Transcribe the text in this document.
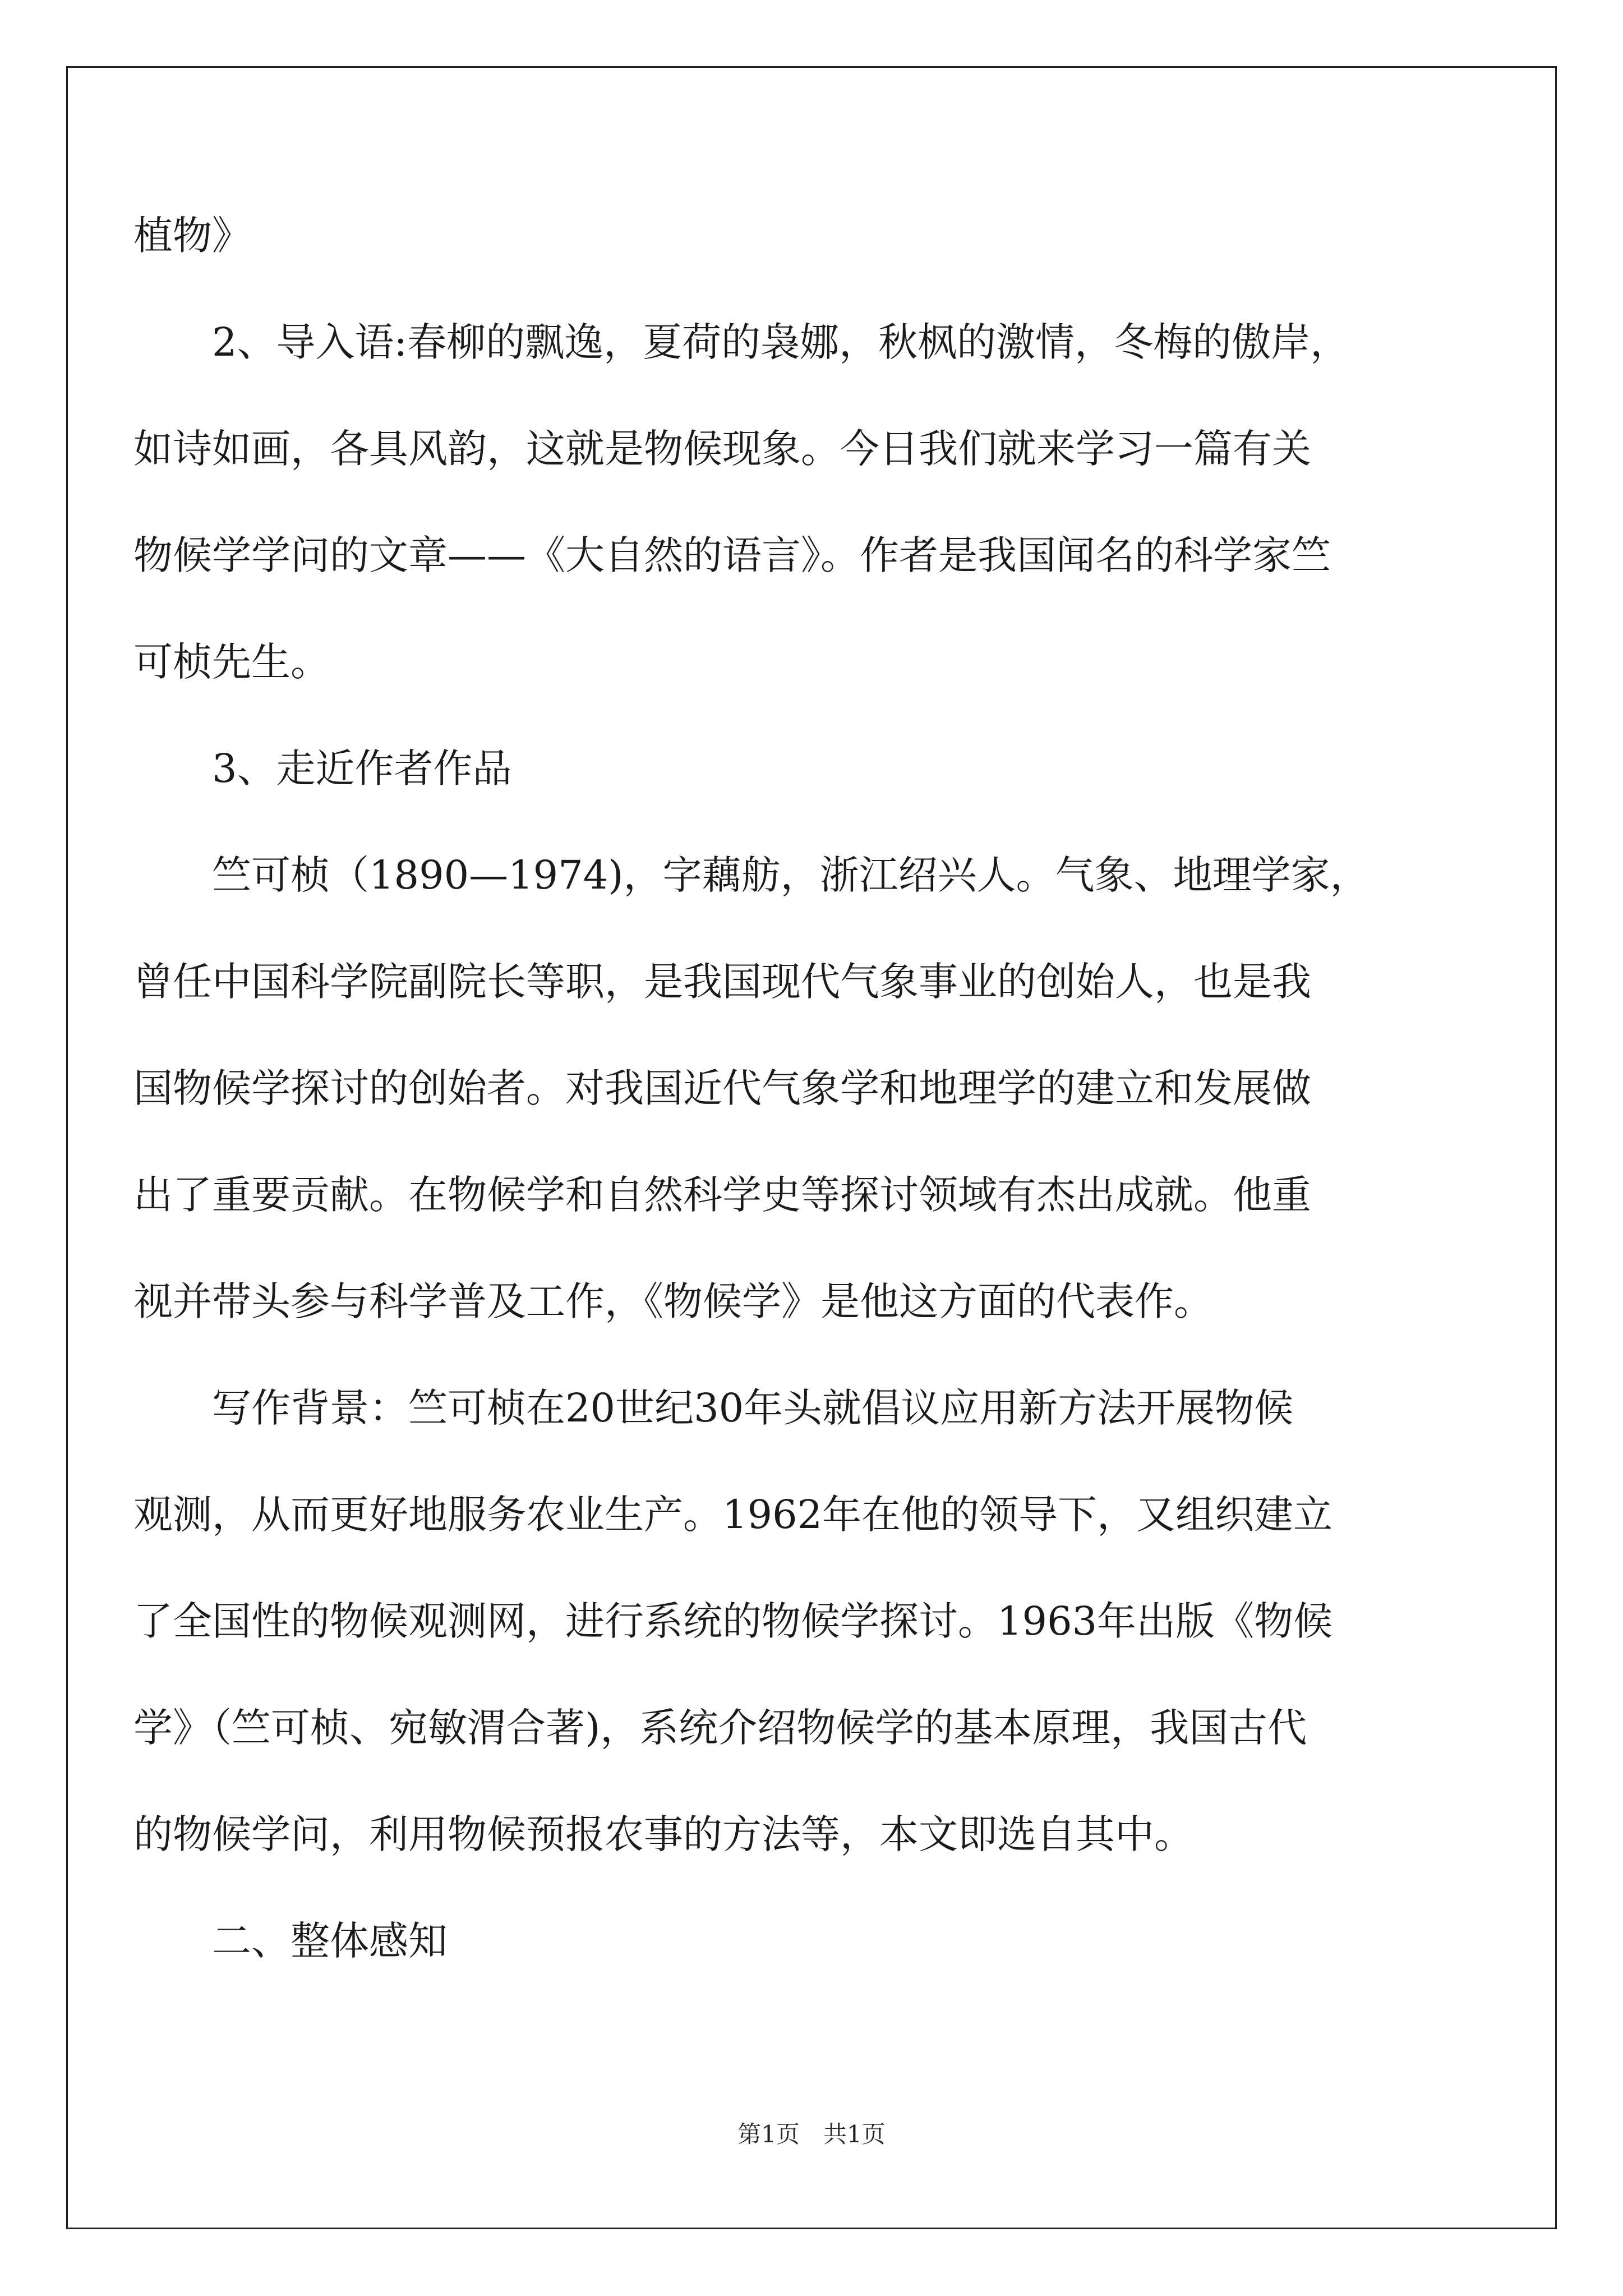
植物》
2、导入语:春柳的飘逸，夏荷的袅娜，秋枫的激情，冬梅的傲岸，
如诗如画，各具风韵，这就是物候现象。今日我们就来学习一篇有关
物候学学问的文章——《大自然的语言》。作者是我国闻名的科学家竺
可桢先生。
3、走近作者作品
竺可桢（1890—1974)，字藕舫，浙江绍兴人。气象、地理学家，
曾任中国科学院副院长等职，是我国现代气象事业的创始人，也是我
国物候学探讨的创始者。对我国近代气象学和地理学的建立和发展做
出了重要贡献。在物候学和自然科学史等探讨领域有杰出成就。他重
视并带头参与科学普及工作，《物候学》是他这方面的代表作。
写作背景：竺可桢在20世纪30年头就倡议应用新方法开展物候
观测，从而更好地服务农业生产。1962年在他的领导下，又组织建立
了全国性的物候观测网，进行系统的物候学探讨。1963年出版《物候
学》（竺可桢、宛敏渭合著)，系统介绍物候学的基本原理，我国古代
的物候学问，利用物候预报农事的方法等，本文即选自其中。
二、整体感知
第1页　共1页
